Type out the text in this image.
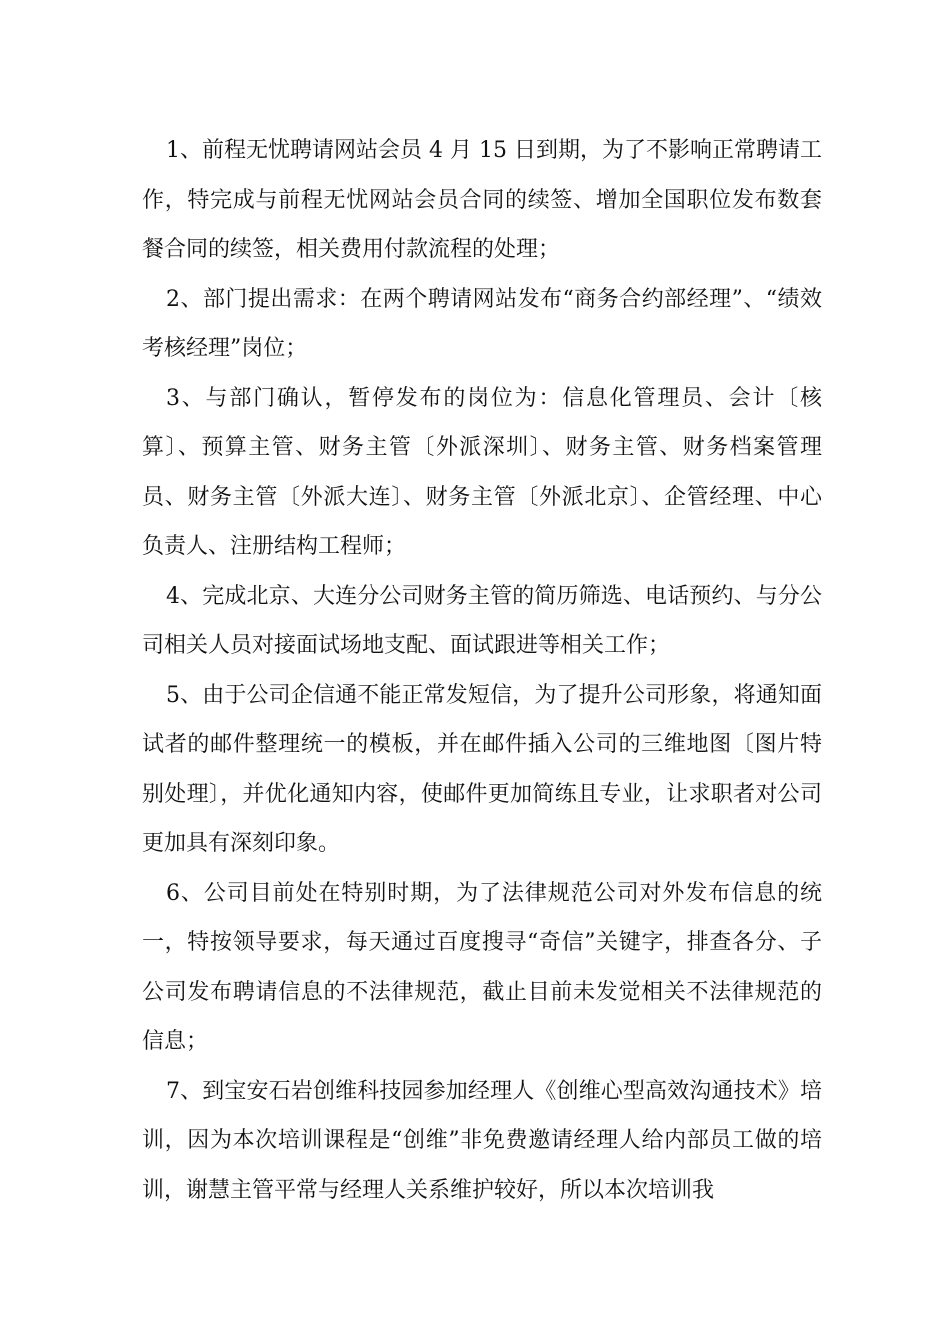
1、前程无忧聘请网站会员 4 月 15 日到期，为了不影响正常聘请工作，特完成与前程无忧网站会员合同的续签、增加全国职位发布数套餐合同的续签，相关费用付款流程的处理；

2、部门提出需求：在两个聘请网站发布“商务合约部经理”、“绩效考核经理”岗位；

3、与部门确认，暂停发布的岗位为：信息化管理员、会计〔核算〕、预算主管、财务主管〔外派深圳〕、财务主管、财务档案管理员、财务主管〔外派大连〕、财务主管〔外派北京〕、企管经理、中心负责人、注册结构工程师；

4、完成北京、大连分公司财务主管的简历筛选、电话预约、与分公司相关人员对接面试场地支配、面试跟进等相关工作；

5、由于公司企信通不能正常发短信，为了提升公司形象，将通知面试者的邮件整理统一的模板，并在邮件插入公司的三维地图〔图片特别处理〕，并优化通知内容，使邮件更加简练且专业，让求职者对公司更加具有深刻印象。

6、公司目前处在特别时期，为了法律规范公司对外发布信息的统一，特按领导要求，每天通过百度搜寻“奇信”关键字，排查各分、子公司发布聘请信息的不法律规范，截止目前未发觉相关不法律规范的信息；

7、到宝安石岩创维科技园参加经理人《创维心型高效沟通技术》培训，因为本次培训课程是“创维”非免费邀请经理人给内部员工做的培训，谢慧主管平常与经理人关系维护较好，所以本次培训我
